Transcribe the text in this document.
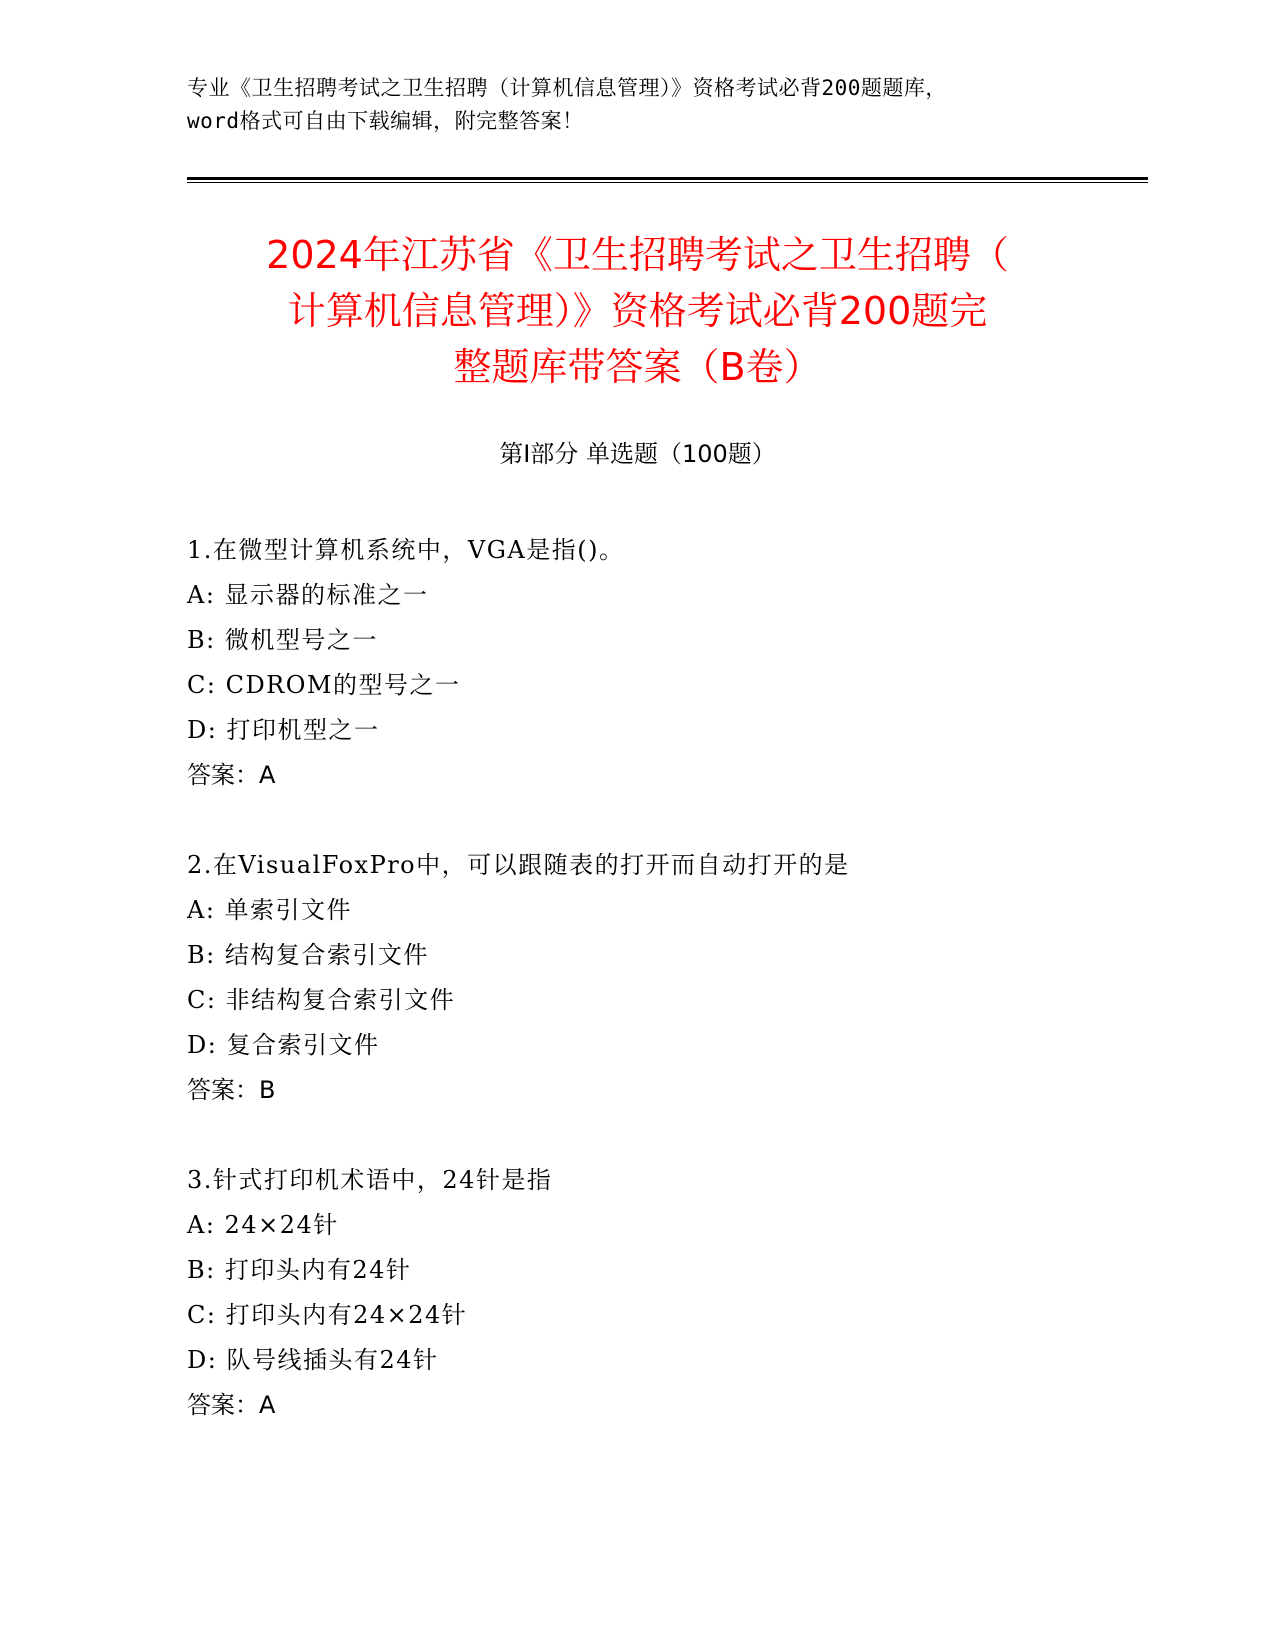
专业《卫生招聘考试之卫生招聘（计算机信息管理）》资格考试必背200题题库，
word格式可自由下载编辑，附完整答案！
2024年江苏省《卫生招聘考试之卫生招聘（
计算机信息管理）》资格考试必背200题完
整题库带答案（B卷）
第Ⅰ部分 单选题（100题）
1.在微型计算机系统中，VGA是指()。
A: 显示器的标准之一
B: 微机型号之一
C: CDROM的型号之一
D: 打印机型之一
答案：A
2.在VisualFoxPro中，可以跟随表的打开而自动打开的是
A: 单索引文件
B: 结构复合索引文件
C: 非结构复合索引文件
D: 复合索引文件
答案：B
3.针式打印机术语中，24针是指
A: 24×24针
B: 打印头内有24针
C: 打印头内有24×24针
D: 队号线插头有24针
答案：A
